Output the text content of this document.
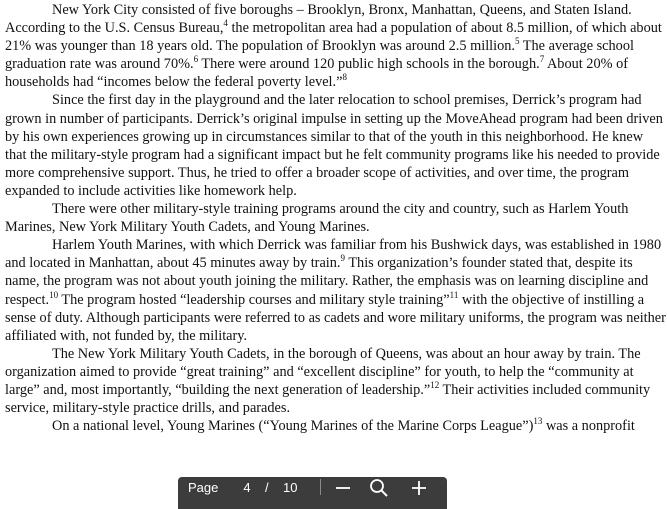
New York City consisted of five boroughs – Brooklyn, Bronx, Manhattan, Queens, and Staten Island. According to the U.S. Census Bureau,$^4$ the metropolitan area had a population of about 8.5 million, of which about 21% was younger than 18 years old. The population of Brooklyn was around 2.5 million.$^5$ The average school graduation rate was around 70%.$^6$ There were around 120 public high schools in the borough.$^7$ About 20% of households had “incomes below the federal poverty level.”$^8$

Since the first day in the playground and the later relocation to school premises, Derrick’s program had grown in number of participants. Derrick’s original impulse in setting up the MoveAhead program had been driven by his own experiences growing up in circumstances similar to that of the youth in this neighborhood. He knew that the military-style program had a significant impact but he felt community programs like his needed to provide more comprehensive support. Thus, he tried to offer a broader scope of activities, and over time, the program expanded to include activities like homework help.

There were other military-style training programs around the city and country, such as Harlem Youth Marines, New York Military Youth Cadets, and Young Marines.

Harlem Youth Marines, with which Derrick was familiar from his Bushwick days, was established in 1980 and located in Manhattan, about 45 minutes away by train.$^9$ This organization’s founder stated that, despite its name, the program was not about youth joining the military. Rather, the emphasis was on learning discipline and respect.$^{10}$ The program hosted “leadership courses and military style training”$^{11}$ with the objective of instilling a sense of duty. Although participants were referred to as cadets and wore military uniforms, the program was neither affiliated with, not funded by, the military.

The New York Military Youth Cadets, in the borough of Queens, was about an hour away by train. The organization aimed to provide “great training” and “excellent discipline” for youth, to help the “community at large” and, most importantly, “building the next generation of leadership.”$^{12}$ Their activities included community service, military-style practice drills, and parades.

On a national level, Young Marines (“Young Marines of the Marine Corps League”)$^{13}$ was a nonprofit

Page	4	/ 10
